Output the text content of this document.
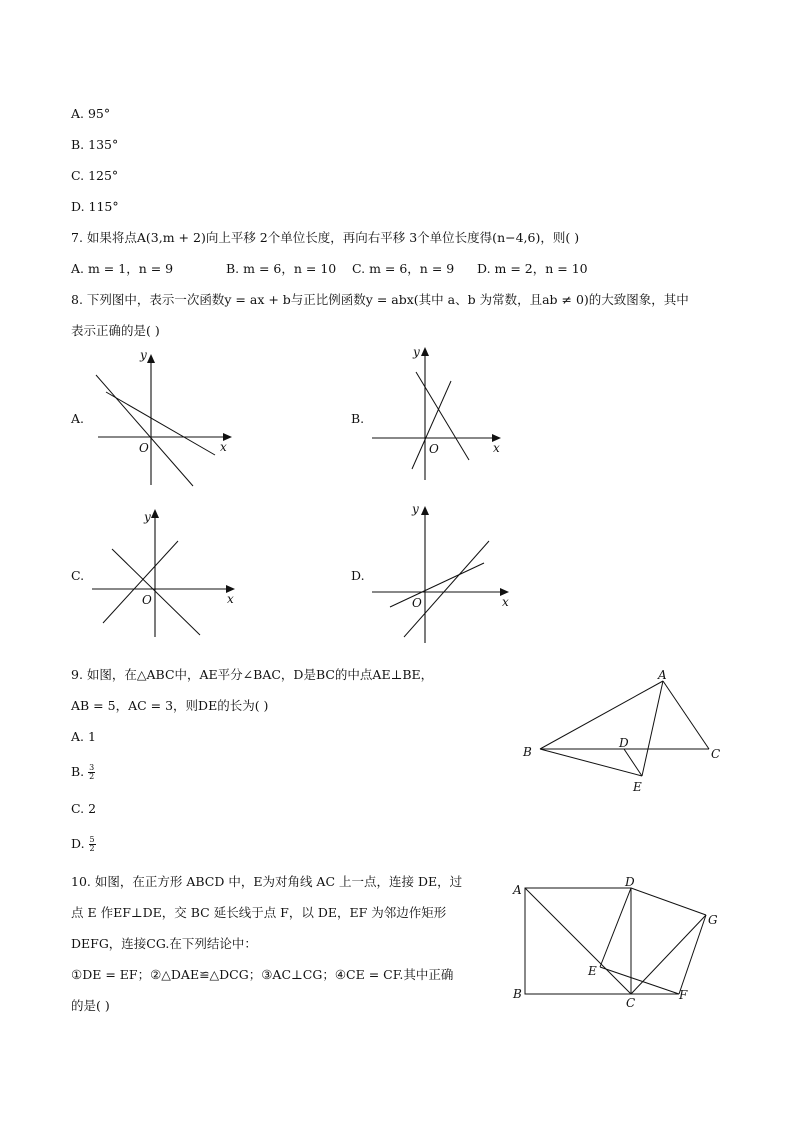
A. 95°
B. 135°
C. 125°
D. 115°
7. 如果将点A(3,m + 2)向上平移 2个单位长度，再向右平移 3个单位长度得(n−4,6)，则( )
A. m = 1，n = 9	B. m = 6，n = 10 C. m = 6，n = 9 D. m = 2，n = 10
8. 下列图中，表示一次函数y = ax + b与正比例函数y = abx(其中 a、b 为常数，且ab ≠ 0)的大致图象，其中
表示正确的是( )
A.
y
x
O
B.
y
x
O
C.
y
x
O
D.
y
x
O
9. 如图，在△ABC中，AE平分∠BAC，D是BC的中点AE⊥BE，
AB = 5，AC = 3，则DE的长为( )
A. 1
B. $\frac{3}{2}$
C. 2
D. $\frac{5}{2}$
A
B	C
D
E
10. 如图，在正方形 ABCD 中，E为对角线 AC 上一点，连接 DE，过
点 E 作EF⊥DE，交 BC 延长线于点 F，以 DE，EF 为邻边作矩形
DEFG，连接CG.在下列结论中：
①DE = EF；②△DAE≌△DCG；③AC⊥CG；④CE = CF.其中正确
的是( )
A
B
C
D
E
F
G
